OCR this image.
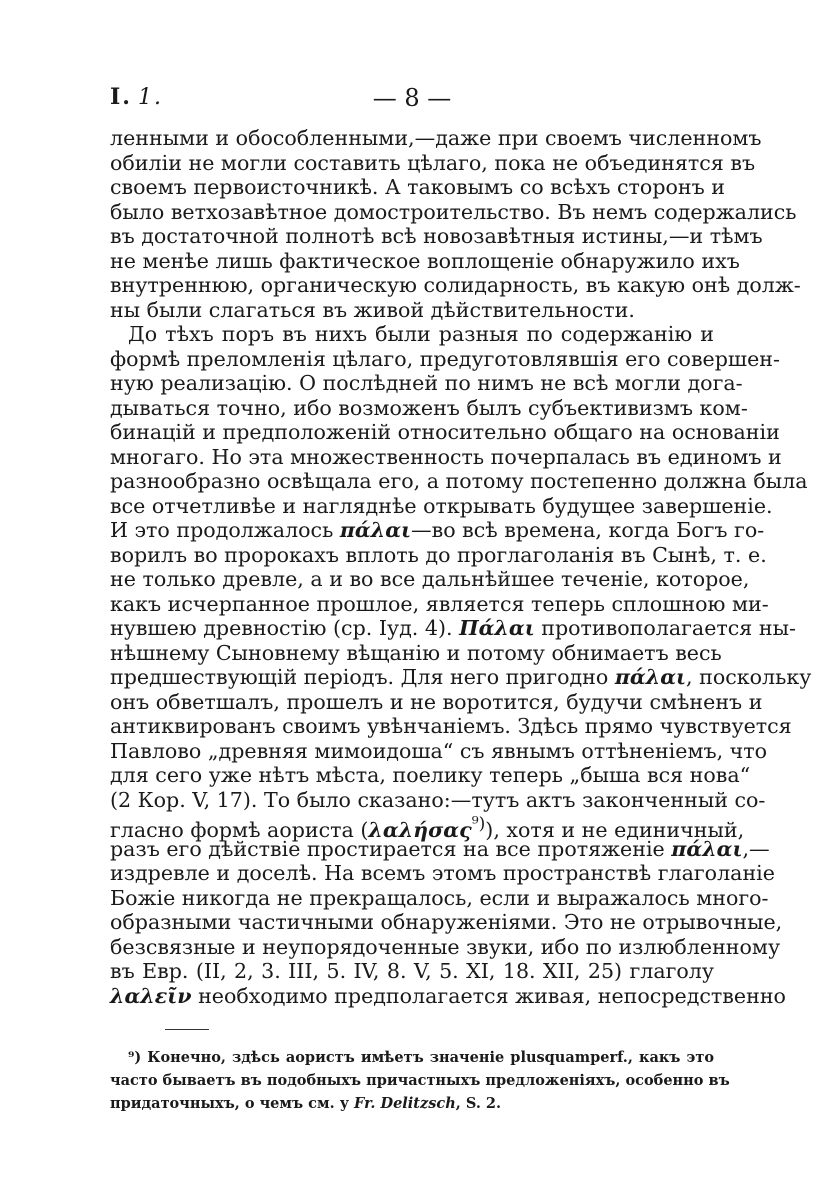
I. 1.	— 8 —
ленными и обособленными,—даже при своемъ численномъ
обиліи не могли составить цѣлаго, пока не объединятся въ
своемъ первоисточникѣ. А таковымъ со всѣхъ сторонъ и
было ветхозавѣтное домостроительство. Въ немъ содержались
въ достаточной полнотѣ всѣ новозавѣтныя истины,—и тѣмъ
не менѣе лишь фактическое воплощеніе обнаружило ихъ
внутреннюю, органическую солидарность, въ какую онѣ долж-
ны были слагаться въ живой дѣйствительности.
До тѣхъ поръ въ нихъ были разныя по содержанію и
формѣ преломленія цѣлаго, предуготовлявшія его совершен-
ную реализацію. О послѣдней по нимъ не всѣ могли дога-
дываться точно, ибо возможенъ былъ субъективизмъ ком-
бинацій и предположеній относительно общаго на основаніи
многаго. Но эта множественность почерпалась въ единомъ и
разнообразно освѣщала его, а потому постепенно должна была
все отчетливѣе и нагляднѣе открывать будущее завершеніе.
И это продолжалось πάλαι—во всѣ времена, когда Богъ го-
ворилъ во пророкахъ вплоть до проглаголанія въ Сынѣ, т. е.
не только древле, а и во все дальнѣйшее теченіе, которое,
какъ исчерпанное прошлое, является теперь сплошною ми-
нувшею древностію (ср. Іуд. 4). Πάλαι противополагается ны-
нѣшнему Сыновнему вѣщанію и потому обнимаетъ весь
предшествующій періодъ. Для него пригодно πάλαι, поскольку
онъ обветшалъ, прошелъ и не воротится, будучи смѣненъ и
антиквированъ своимъ увѣнчаніемъ. Здѣсь прямо чувствуется
Павлово „древняя мимоидоша“ съ явнымъ оттѣненіемъ, что
для сего уже нѣтъ мѣста, поелику теперь „быша вся нова“
(2 Кор. V, 17). То было сказано:—тутъ актъ законченный со-
гласно формѣ аориста (λαλήσας$^{^9)}$), хотя и не единичный,
разъ его дѣйствіе простирается на все протяженіе πάλαι,—
издревле и доселѣ. На всемъ этомъ пространствѣ глаголаніе
Божіе никогда не прекращалось, если и выражалось много-
образными частичными обнаруженіями. Это не отрывочные,
безсвязные и неупорядоченные звуки, ибо по излюбленному
въ Евр. (II, 2, 3. III, 5. IV, 8. V, 5. XI, 18. XII, 25) глаголу
λαλεῖν необходимо предполагается живая, непосредственно
⁹) Конечно, здѣсь аористъ имѣетъ значеніе plusquamperf., какъ это
часто бываетъ въ подобныхъ причастныхъ предложеніяхъ, особенно въ
придаточныхъ, о чемъ см. у Fr. Delitzsch, S. 2.
